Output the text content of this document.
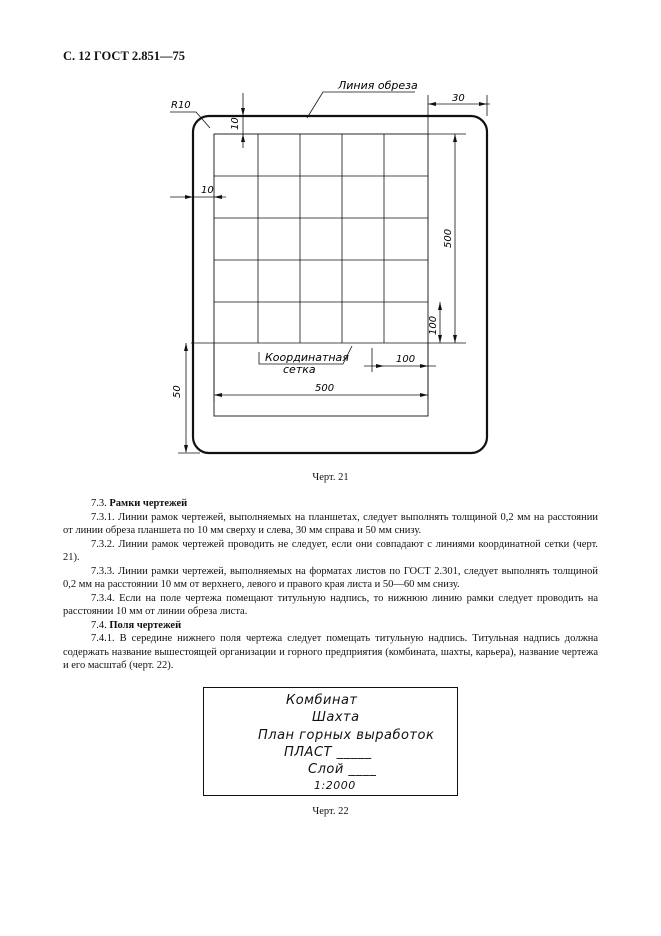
С. 12 ГОСТ 2.851—75
Линия обреза
R10
30
10
10
500
100
100
Координатная
сетка
500
50
Черт. 21

7.3. Рамки чертежей

7.3.1. Линии рамок чертежей, выполняемых на планшетах, следует выполнять толщиной 0,2 мм на расстоянии от линии обреза планшета по 10 мм сверху и слева, 30 мм справа и 50 мм снизу.

7.3.2. Линии рамок чертежей проводить не следует, если они совпадают с линиями координатной сетки (черт. 21).

7.3.3. Линии рамки чертежей, выполняемых на форматах листов по ГОСТ 2.301, следует выполнять толщиной 0,2 мм на расстоянии 10 мм от верхнего, левого и правого края листа и 50—60 мм снизу.

7.3.4. Если на поле чертежа помещают титульную надпись, то нижнюю линию рамки следует проводить на расстоянии 10 мм от линии обреза листа.

7.4. Поля чертежей

7.4.1. В середине нижнего поля чертежа следует помещать титульную надпись. Титульная надпись должна содержать название вышестоящей организации и горного предприятия (комбината, шахты, карьера), название чертежа и его масштаб (черт. 22).

Комбинат
Шахта
План горных выработок
ПЛАСТ _____
Слой ____
1:2000
Черт. 22
